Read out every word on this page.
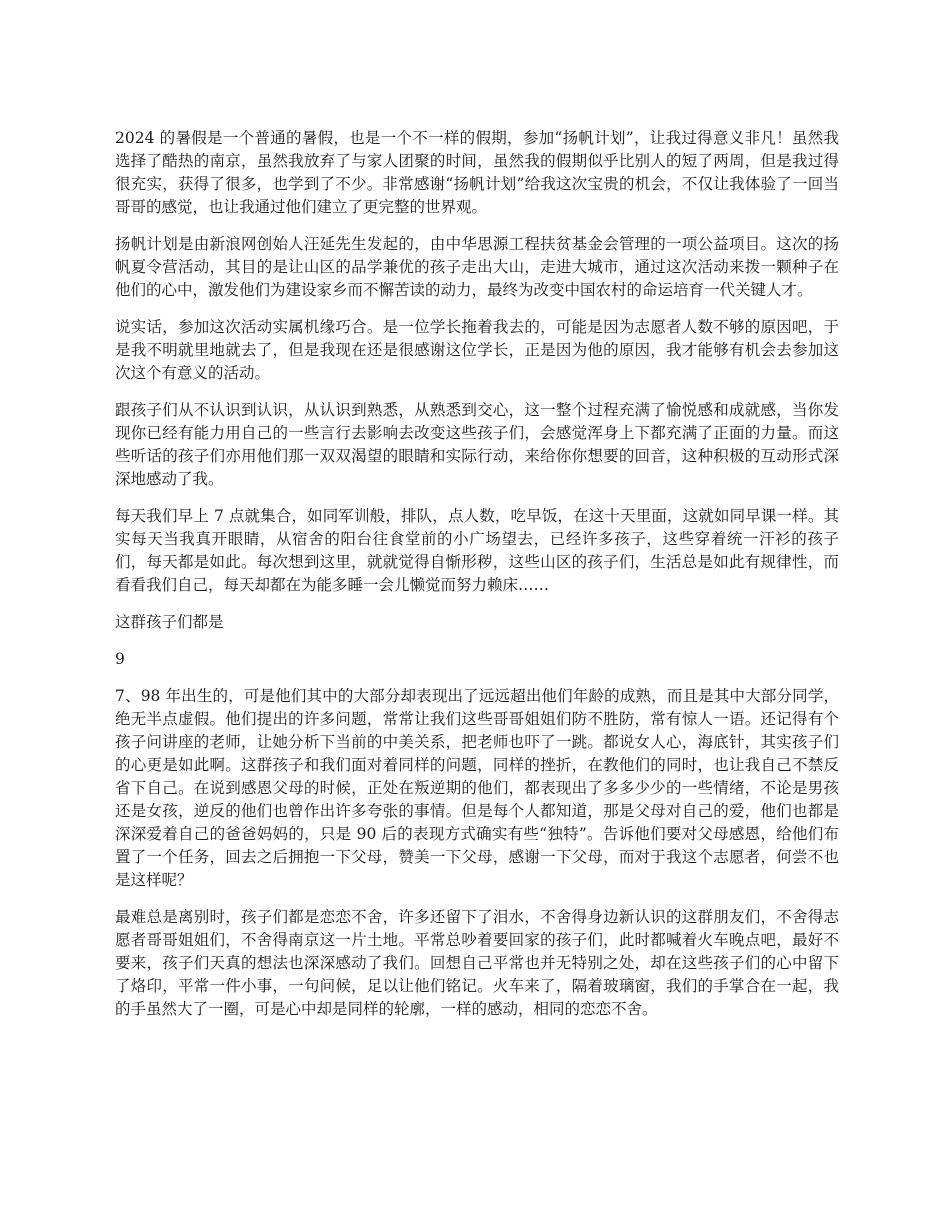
2024 的暑假是一个普通的暑假，也是一个不一样的假期，参加“扬帆计划”，让我过得意义非凡！虽然我选择了酷热的南京，虽然我放弃了与家人团聚的时间，虽然我的假期似乎比别人的短了两周，但是我过得很充实，获得了很多，也学到了不少。非常感谢“扬帆计划”给我这次宝贵的机会，不仅让我体验了一回当哥哥的感觉，也让我通过他们建立了更完整的世界观。

扬帆计划是由新浪网创始人汪延先生发起的，由中华思源工程扶贫基金会管理的一项公益项目。这次的扬帆夏令营活动，其目的是让山区的品学兼优的孩子走出大山，走进大城市，通过这次活动来拨一颗种子在他们的心中，激发他们为建设家乡而不懈苦读的动力，最终为改变中国农村的命运培育一代关键人才。

说实话，参加这次活动实属机缘巧合。是一位学长拖着我去的，可能是因为志愿者人数不够的原因吧，于是我不明就里地就去了，但是我现在还是很感谢这位学长，正是因为他的原因，我才能够有机会去参加这次这个有意义的活动。

跟孩子们从不认识到认识，从认识到熟悉，从熟悉到交心，这一整个过程充满了愉悦感和成就感，当你发现你已经有能力用自己的一些言行去影响去改变这些孩子们，会感觉浑身上下都充满了正面的力量。而这些听话的孩子们亦用他们那一双双渴望的眼睛和实际行动，来给你你想要的回音，这种积极的互动形式深深地感动了我。

每天我们早上 7 点就集合，如同军训般，排队，点人数，吃早饭，在这十天里面，这就如同早课一样。其实每天当我真开眼睛，从宿舍的阳台往食堂前的小广场望去，已经许多孩子，这些穿着统一汗衫的孩子们，每天都是如此。每次想到这里，就就觉得自惭形秽，这些山区的孩子们，生活总是如此有规律性，而看看我们自己，每天却都在为能多睡一会儿懒觉而努力赖床……

这群孩子们都是

9

7、98 年出生的，可是他们其中的大部分却表现出了远远超出他们年龄的成熟，而且是其中大部分同学，绝无半点虚假。他们提出的许多问题，常常让我们这些哥哥姐姐们防不胜防，常有惊人一语。还记得有个孩子问讲座的老师，让她分析下当前的中美关系，把老师也吓了一跳。都说女人心，海底针，其实孩子们的心更是如此啊。这群孩子和我们面对着同样的问题，同样的挫折，在教他们的同时，也让我自己不禁反省下自己。在说到感恩父母的时候，正处在叛逆期的他们，都表现出了多多少少的一些情绪，不论是男孩还是女孩，逆反的他们也曾作出许多夸张的事情。但是每个人都知道，那是父母对自己的爱，他们也都是深深爱着自己的爸爸妈妈的，只是 90 后的表现方式确实有些“独特”。告诉他们要对父母感恩，给他们布置了一个任务，回去之后拥抱一下父母，赞美一下父母，感谢一下父母，而对于我这个志愿者，何尝不也是这样呢？

最难总是离别时，孩子们都是恋恋不舍，许多还留下了泪水，不舍得身边新认识的这群朋友们，不舍得志愿者哥哥姐姐们，不舍得南京这一片土地。平常总吵着要回家的孩子们，此时都喊着火车晚点吧，最好不要来，孩子们天真的想法也深深感动了我们。回想自己平常也并无特别之处，却在这些孩子们的心中留下了烙印，平常一件小事，一句问候，足以让他们铭记。火车来了，隔着玻璃窗，我们的手掌合在一起，我的手虽然大了一圈，可是心中却是同样的轮廓，一样的感动，相同的恋恋不舍。
